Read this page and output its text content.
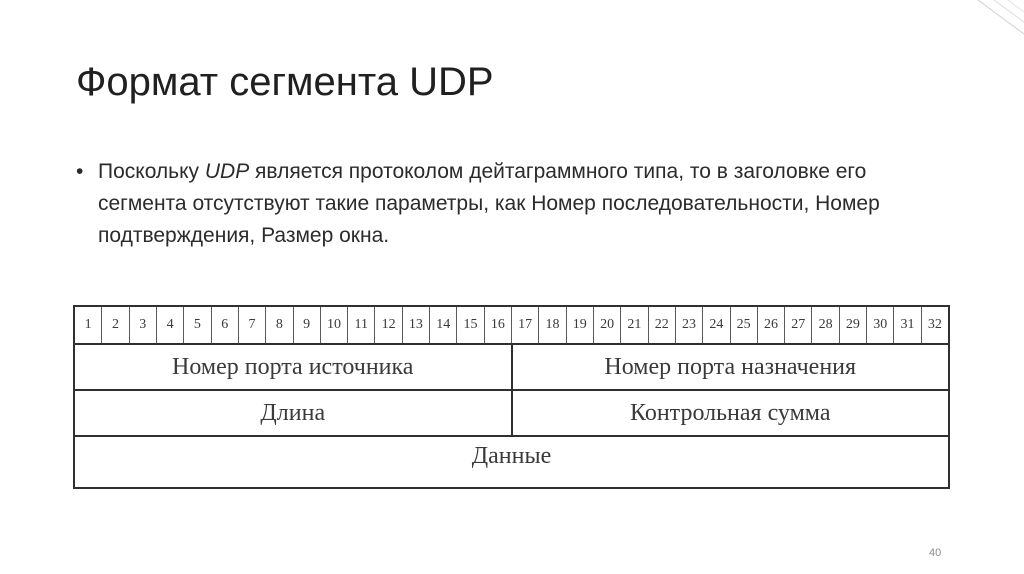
Формат сегмента UDP
• Поскольку UDP является протоколом дейтаграммного типа, то в заголовке его сегмента отсутствуют такие параметры, как Номер последовательности, Номер подтверждения, Размер окна.
1	2	3	4	5	6	7	8	9	10 11 12 13 14 15 16 17 18 19 20 21 22 23 24 25 26 27 28 29 30 31 32
Номер порта источника	Номер порта назначения
Длина	Контрольная сумма
Данные
40
